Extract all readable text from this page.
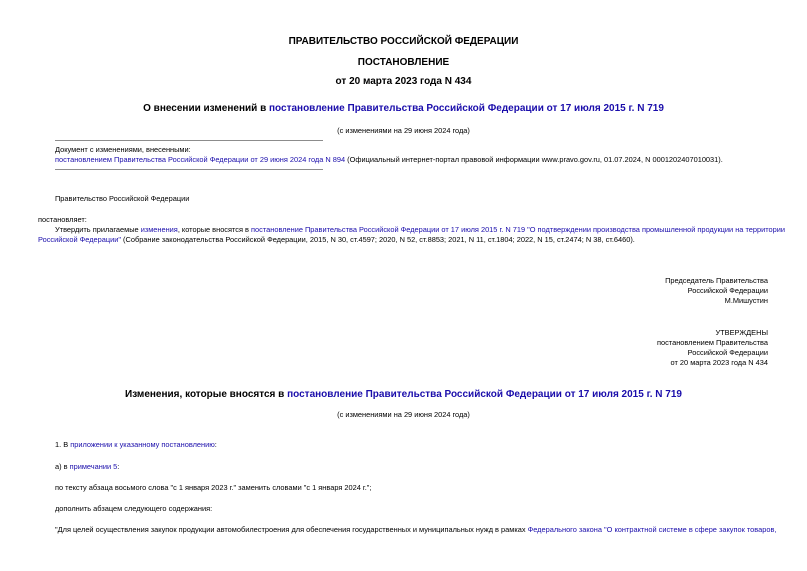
ПРАВИТЕЛЬСТВО РОССИЙСКОЙ ФЕДЕРАЦИИ
ПОСТАНОВЛЕНИЕ
от 20 марта 2023 года N 434
О внесении изменений в постановление Правительства Российской Федерации от 17 июля 2015 г. N 719
(с изменениями на 29 июня 2024 года)
Документ с изменениями, внесенными:
постановлением Правительства Российской Федерации от 29 июня 2024 года N 894 (Официальный интернет-портал правовой информации www.pravo.gov.ru, 01.07.2024, N 0001202407010031).
Правительство Российской Федерации
постановляет:
Утвердить прилагаемые изменения, которые вносятся в постановление Правительства Российской Федерации от 17 июля 2015 г. N 719 "О подтверждении производства промышленной продукции на территории
Российской Федерации" (Собрание законодательства Российской Федерации, 2015, N 30, ст.4597; 2020, N 52, ст.8853; 2021, N 11, ст.1804; 2022, N 15, ст.2474; N 38, ст.6460).
Председатель Правительства
Российской Федерации
М.Мишустин
УТВЕРЖДЕНЫ
постановлением Правительства
Российской Федерации
от 20 марта 2023 года N 434
Изменения, которые вносятся в постановление Правительства Российской Федерации от 17 июля 2015 г. N 719
(с изменениями на 29 июня 2024 года)
1. В приложении к указанному постановлению:
а) в примечании 5:
по тексту абзаца восьмого слова "с 1 января 2023 г." заменить словами "с 1 января 2024 г.";
дополнить абзацем следующего содержания:
"Для целей осуществления закупок продукции автомобилестроения для обеспечения государственных и муниципальных нужд в рамках Федерального закона "О контрактной системе в сфере закупок товаров,
